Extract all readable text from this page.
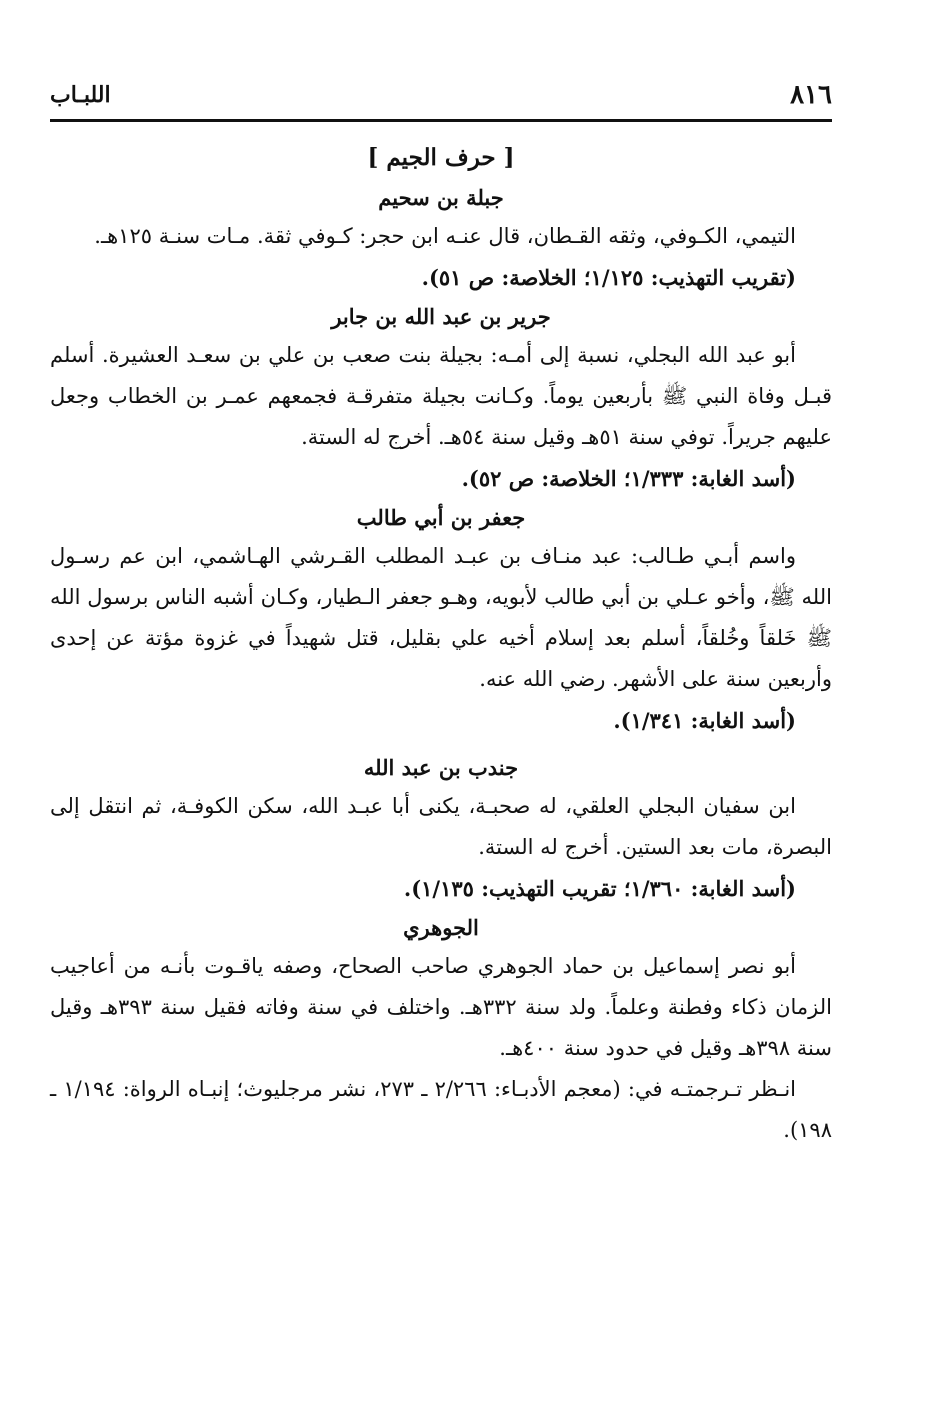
٨١٦
اللبـاب
[ حرف الجيم ]
جبلة بن سحيم

التيمي، الكـوفي، وثقه القـطان، قال عنـه ابن حجر: كـوفي ثقة. مـات سنـة ١٢٥هـ.

(تقريب التهذيب: ١/١٢٥؛ الخلاصة: ص ٥١).

جرير بن عبد الله بن جابر

أبو عبد الله البجلي، نسبة إلى أمـه: بجيلة بنت صعب بن علي بن سعـد العشيرة. أسلم قبـل وفاة النبي ﷺ بأربعين يوماً. وكـانت بجيلة متفرقـة فجمعهم عمـر بن الخطاب وجعل عليهم جريراً. توفي سنة ٥١هـ وقيل سنة ٥٤هـ. أخرج له الستة.

(أسد الغابة: ١/٣٣٣؛ الخلاصة: ص ٥٢).

جعفر بن أبي طالب

واسم أبـي طـالب: عبد منـاف بن عبـد المطلب القـرشي الهـاشمي، ابن عم رسـول الله ﷺ، وأخو عـلي بن أبي طالب لأبويه، وهـو جعفر الـطيار، وكـان أشبه الناس برسول الله ﷺ خَلقاً وخُلقاً، أسلم بعد إسلام أخيه علي بقليل، قتل شهيداً في غزوة مؤتة عن إحدى وأربعين سنة على الأشهر. رضي الله عنه.

(أسد الغابة: ١/٣٤١).

جندب بن عبد الله

ابن سفيان البجلي العلقي، له صحبـة، يكنى أبا عبـد الله، سكن الكوفـة، ثم انتقل إلى البصرة، مات بعد الستين. أخرج له الستة.

(أسد الغابة: ١/٣٦٠؛ تقريب التهذيب: ١/١٣٥).

الجوهري

أبو نصر إسماعيل بن حماد الجوهري صاحب الصحاح، وصفه ياقـوت بأنـه من أعاجيب الزمان ذكاء وفطنة وعلماً. ولد سنة ٣٣٢هـ. واختلف في سنة وفاته فقيل سنة ٣٩٣هـ وقيل سنة ٣٩٨هـ وقيل في حدود سنة ٤٠٠هـ.

انـظر تـرجمتـه في: (معجم الأدبـاء: ٢/٢٦٦ ـ ٢٧٣، نشر مرجليوث؛ إنبـاه الرواة: ١/١٩٤ ـ ١٩٨).
